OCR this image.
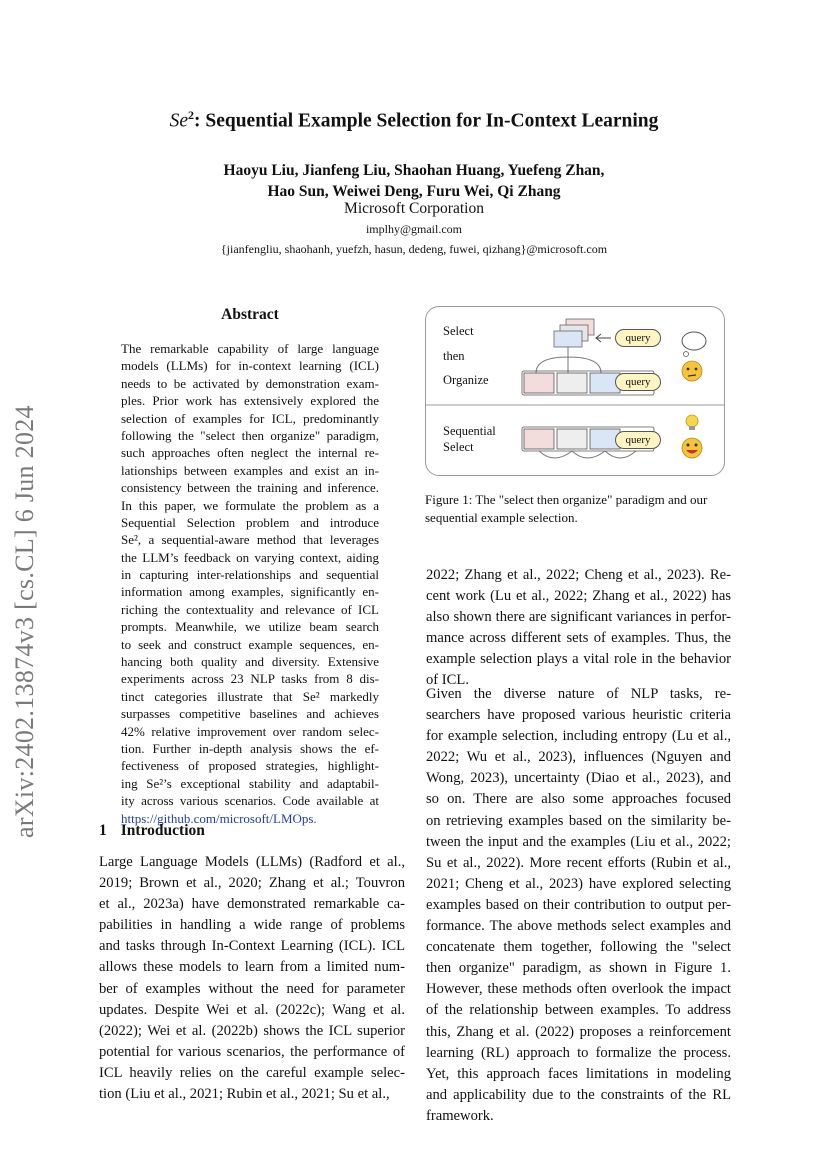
Se$^2$: Sequential Example Selection for In-Context Learning
Haoyu Liu, Jianfeng Liu, Shaohan Huang, Yuefeng Zhan,
Hao Sun, Weiwei Deng, Furu Wei, Qi Zhang
Microsoft Corporation
implhy@gmail.com
{jianfengliu, shaohanh, yuefzh, hasun, dedeng, fuwei, qizhang}@microsoft.com
arXiv:2402.13874v3 [cs.CL] 6 Jun 2024
Abstract
The remarkable capability of large language
models (LLMs) for in-context learning (ICL)
needs to be activated by demonstration exam-
ples. Prior work has extensively explored the
selection of examples for ICL, predominantly
following the "select then organize" paradigm,
such approaches often neglect the internal re-
lationships between examples and exist an in-
consistency between the training and inference.
In this paper, we formulate the problem as a
Sequential Selection problem and introduce
Se², a sequential-aware method that leverages
the LLM’s feedback on varying context, aiding
in capturing inter-relationships and sequential
information among examples, significantly en-
riching the contextuality and relevance of ICL
prompts. Meanwhile, we utilize beam search
to seek and construct example sequences, en-
hancing both quality and diversity. Extensive
experiments across 23 NLP tasks from 8 dis-
tinct categories illustrate that Se² markedly
surpasses competitive baselines and achieves
42% relative improvement over random selec-
tion. Further in-depth analysis shows the ef-
fectiveness of proposed strategies, highlight-
ing Se²’s exceptional stability and adaptabil-
ity across various scenarios. Code available at
https://github.com/microsoft/LMOps.
1 Introduction
Large Language Models (LLMs) (Radford et al.,
2019; Brown et al., 2020; Zhang et al.; Touvron
et al., 2023a) have demonstrated remarkable ca-
pabilities in handling a wide range of problems
and tasks through In-Context Learning (ICL). ICL
allows these models to learn from a limited num-
ber of examples without the need for parameter
updates. Despite Wei et al. (2022c); Wang et al.
(2022); Wei et al. (2022b) shows the ICL superior
potential for various scenarios, the performance of
ICL heavily relies on the careful example selec-
tion (Liu et al., 2021; Rubin et al., 2021; Su et al.,
2022; Zhang et al., 2022; Cheng et al., 2023). Re-
cent work (Lu et al., 2022; Zhang et al., 2022) has
also shown there are significant variances in perfor-
mance across different sets of examples. Thus, the
example selection plays a vital role in the behavior
of ICL.
Given the diverse nature of NLP tasks, re-
searchers have proposed various heuristic criteria
for example selection, including entropy (Lu et al.,
2022; Wu et al., 2023), influences (Nguyen and
Wong, 2023), uncertainty (Diao et al., 2023), and
so on. There are also some approaches focused
on retrieving examples based on the similarity be-
tween the input and the examples (Liu et al., 2022;
Su et al., 2022). More recent efforts (Rubin et al.,
2021; Cheng et al., 2023) have explored selecting
examples based on their contribution to output per-
formance. The above methods select examples and
concatenate them together, following the "select
then organize" paradigm, as shown in Figure 1.
However, these methods often overlook the impact
of the relationship between examples. To address
this, Zhang et al. (2022) proposes a reinforcement
learning (RL) approach to formalize the process.
Yet, this approach faces limitations in modeling
and applicability due to the constraints of the RL
framework.
Select
then
Organize
Sequential
Select
query
query
query
Figure 1: The "select then organize" paradigm and our
sequential example selection.
